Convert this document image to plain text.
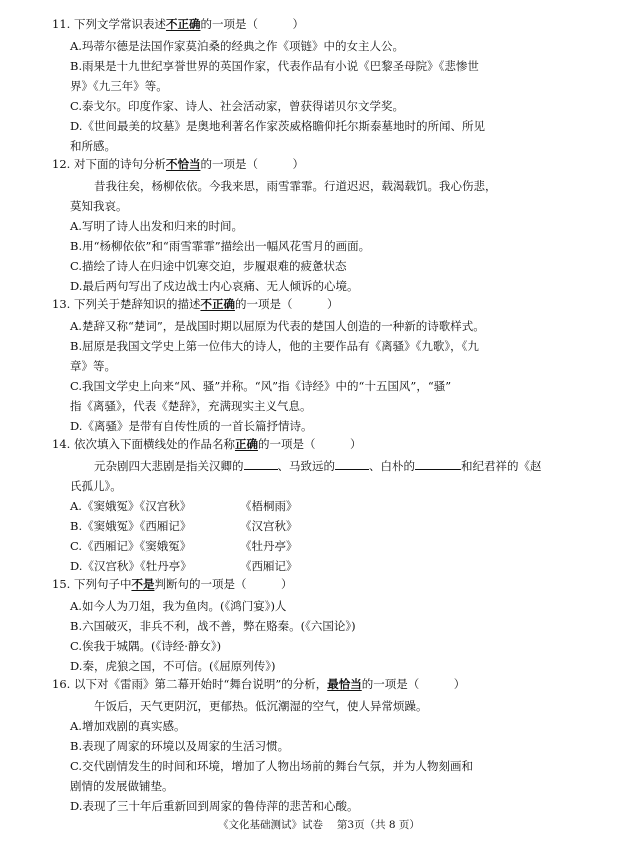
11. 下列文学常识表述不正确的一项是（　　　）
A.玛蒂尔德是法国作家莫泊桑的经典之作《项链》中的女主人公。
B.雨果是十九世纪享誉世界的英国作家，代表作品有小说《巴黎圣母院》《悲惨世
界》《九三年》等。
C.泰戈尔。印度作家、诗人、社会活动家，曾获得诺贝尔文学奖。
D.《世间最美的坟墓》是奥地利著名作家茨威格瞻仰托尔斯泰墓地时的所闻、所见
和所感。
12. 对下面的诗句分析不恰当的一项是（　　　）
昔我往矣，杨柳依依。今我来思，雨雪霏霏。行道迟迟，载渴载饥。我心伤悲，
莫知我哀。
A.写明了诗人出发和归来的时间。
B.用“杨柳依依”和“雨雪霏霏”描绘出一幅风花雪月的画面。
C.描绘了诗人在归途中饥寒交迫，步履艰难的疲惫状态
D.最后两句写出了戍边战士内心哀痛、无人倾诉的心境。
13. 下列关于楚辞知识的描述不正确的一项是（　　　）
A.楚辞又称“楚词”，是战国时期以屈原为代表的楚国人创造的一种新的诗歌样式。
B.屈原是我国文学史上第一位伟大的诗人，他的主要作品有《离骚》《九歌》，《九
章》等。
C.我国文学史上向来“风、骚”并称。“风”指《诗经》中的“十五国风”，“骚”
指《离骚》，代表《楚辞》，充满现实主义气息。
D.《离骚》是带有自传性质的一首长篇抒情诗。
14. 依次填入下面横线处的作品名称正确的一项是（　　　）
元杂剧四大悲剧是指关汉卿的	、马致远的	、白朴的	和纪君祥的《赵
氏孤儿》。
A.《窦娥冤》《汉宫秋》	《梧桐雨》
B.《窦娥冤》《西厢记》	《汉宫秋》
C.《西厢记》《窦娥冤》	《牡丹亭》
D.《汉宫秋》《牡丹亭》	《西厢记》
15. 下列句子中不是判断句的一项是（　　　）
A.如今人为刀俎，我为鱼肉。(《鸿门宴》)人
B.六国破灭，非兵不利，战不善，弊在赂秦。(《六国论》)
C.俟我于城隅。(《诗经·静女》)
D.秦，虎狼之国，不可信。(《屈原列传》)
16. 以下对《雷雨》第二幕开始时“舞台说明”的分析，最恰当的一项是（　　　）
午饭后，天气更阴沉，更郁热。低沉潮湿的空气，使人异常烦躁。
A.增加戏剧的真实感。
B.表现了周家的环境以及周家的生活习惯。
C.交代剧情发生的时间和环境，增加了人物出场前的舞台气氛，并为人物刻画和
剧情的发展做铺垫。
D.表现了三十年后重新回到周家的鲁侍萍的悲苦和心酸。
《文化基础测试》试卷　 第3页（共 8 页）
